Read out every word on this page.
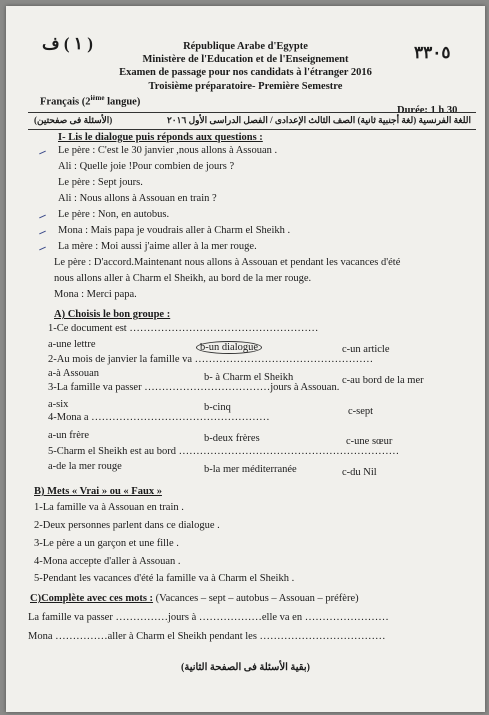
( ١ ) ف	٣٣٠٥
République Arabe d'Egypte
Ministère de l'Education et de l'Enseignement
Examen de passage pour nos candidats à l'étranger 2016
Troisième préparatoire- Première Semestre
Français (2ième langue)
Durée: 1 h 30
اللغة الفرنسية (لغة أجنبية ثانية) الصف الثالث الإعدادى / الفصل الدراسى الأول ٢٠١٦
(الأسئلة فى صفحتين)
I- Lis le dialogue puis réponds aux questions :
Le père : C'est le 30 janvier ,nous allons à Assouan .
Ali : Quelle joie !Pour combien de jours ?
Le père : Sept jours.
Ali : Nous allons à Assouan en train ?
Le père : Non, en autobus.
Mona : Mais papa je voudrais aller à Charm el Sheikh .
La mère : Moi aussi j'aime aller à la mer rouge.
Le père : D'accord.Maintenant nous allons à Assouan et pendant les vacances d'été
nous allons aller à Charm el Sheikh, au bord de la mer rouge.
Mona : Merci papa.
A) Choisis le bon groupe :
1-Ce document est ………………………………………………
a-une lettre	b-un dialogue	c-un article
2-Au mois de janvier la famille va ……………………………………………
a-à Assouan	b- à Charm el Sheikh	c-au bord de la mer
3-La famille va passer ………………………………jours à Assouan.
a-six	b-cinq	c-sept
4-Mona a ……………………………………………
a-un frère	b-deux frères	c-une sœur
5-Charm el Sheikh est au bord ………………………………………………………
a-de la mer rouge	b-la mer méditerranée	c-du Nil
B) Mets « Vrai » ou « Faux »
1-La famille va à Assouan en train .
2-Deux personnes parlent dans ce dialogue .
3-Le père a un garçon et une fille .
4-Mona accepte d'aller à Assouan .
5-Pendant les vacances d'été la famille va à Charm el Sheikh .
C)Complète avec ces mots : (Vacances – sept – autobus – Assouan – préfère)
La famille va passer ……………jours à ………………elle va en ……………………
Mona ……………aller à Charm el Sheikh pendant les ………………………………
(بقية الأسئلة فى الصفحة الثانية)
